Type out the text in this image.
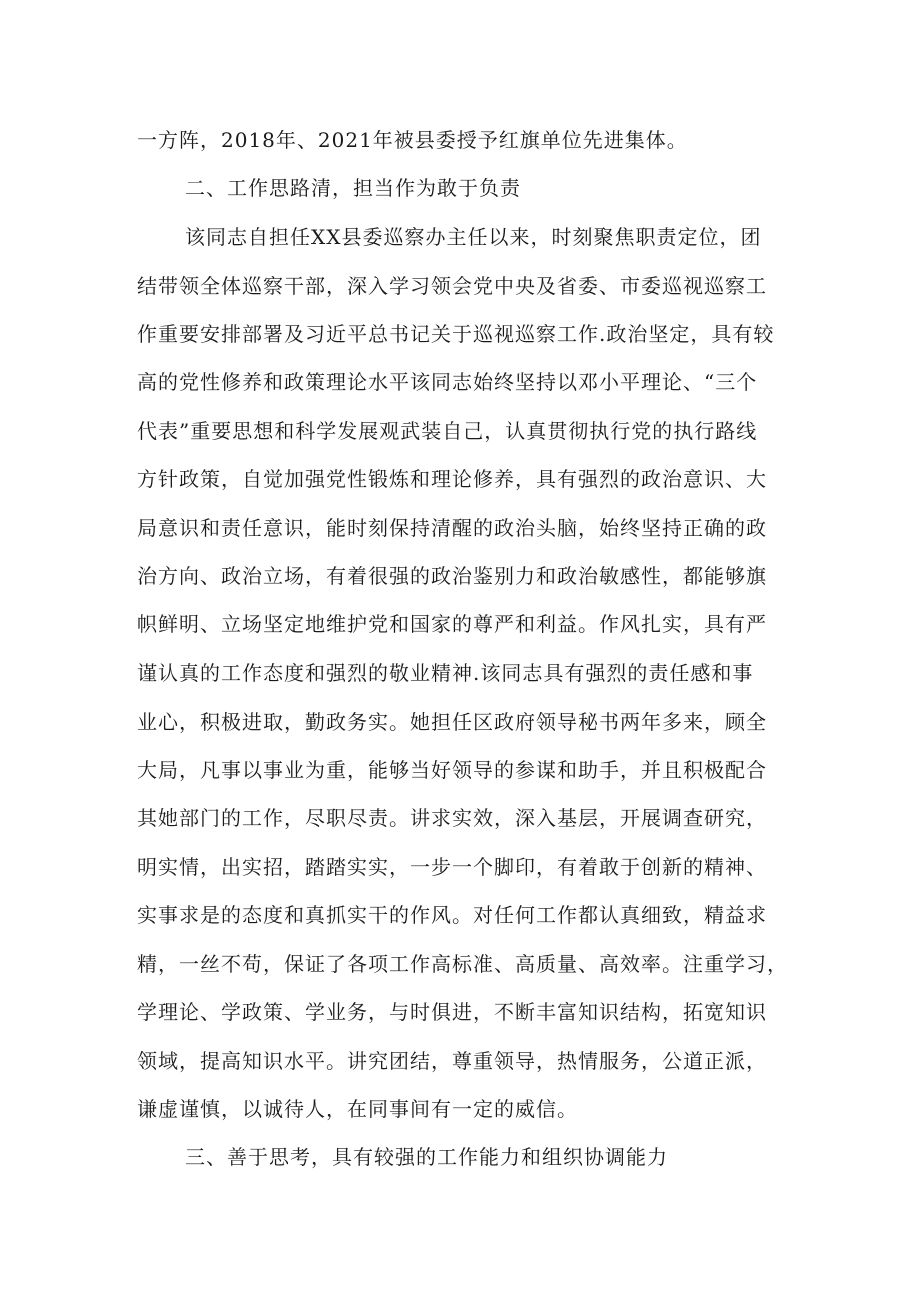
一方阵，2018年、2021年被县委授予红旗单位先进集体。
二、工作思路清，担当作为敢于负责
该同志自担任XX县委巡察办主任以来，时刻聚焦职责定位，团
结带领全体巡察干部，深入学习领会党中央及省委、市委巡视巡察工
作重要安排部署及习近平总书记关于巡视巡察工作.政治坚定，具有较
高的党性修养和政策理论水平该同志始终坚持以邓小平理论、“三个
代表”重要思想和科学发展观武装自己，认真贯彻执行党的执行路线
方针政策，自觉加强党性锻炼和理论修养，具有强烈的政治意识、大
局意识和责任意识，能时刻保持清醒的政治头脑，始终坚持正确的政
治方向、政治立场，有着很强的政治鉴别力和政治敏感性，都能够旗
帜鲜明、立场坚定地维护党和国家的尊严和利益。作风扎实，具有严
谨认真的工作态度和强烈的敬业精神.该同志具有强烈的责任感和事
业心，积极进取，勤政务实。她担任区政府领导秘书两年多来，顾全
大局，凡事以事业为重，能够当好领导的参谋和助手，并且积极配合
其她部门的工作，尽职尽责。讲求实效，深入基层，开展调查研究，
明实情，出实招，踏踏实实，一步一个脚印，有着敢于创新的精神、
实事求是的态度和真抓实干的作风。对任何工作都认真细致，精益求
精，一丝不苟，保证了各项工作高标准、高质量、高效率。注重学习，
学理论、学政策、学业务，与时俱进，不断丰富知识结构，拓宽知识
领域，提高知识水平。讲究团结，尊重领导，热情服务，公道正派，
谦虚谨慎，以诚待人，在同事间有一定的威信。
三、善于思考，具有较强的工作能力和组织协调能力
